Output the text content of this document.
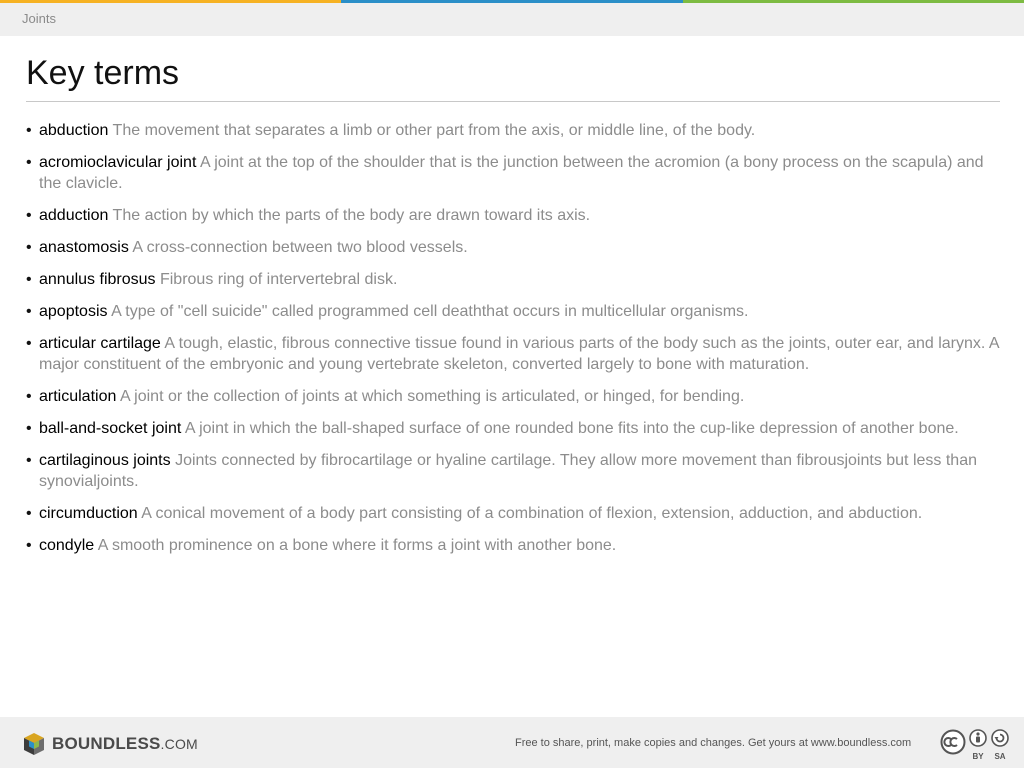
Joints
Key terms
• abduction The movement that separates a limb or other part from the axis, or middle line, of the body.
• acromioclavicular joint A joint at the top of the shoulder that is the junction between the acromion (a bony process on the scapula) and the clavicle.
• adduction The action by which the parts of the body are drawn toward its axis.
• anastomosis A cross-connection between two blood vessels.
• annulus fibrosus Fibrous ring of intervertebral disk.
• apoptosis A type of "cell suicide" called programmed cell deaththat occurs in multicellular organisms.
• articular cartilage A tough, elastic, fibrous connective tissue found in various parts of the body such as the joints, outer ear, and larynx. A major constituent of the embryonic and young vertebrate skeleton, converted largely to bone with maturation.
• articulation A joint or the collection of joints at which something is articulated, or hinged, for bending.
• ball-and-socket joint A joint in which the ball-shaped surface of one rounded bone fits into the cup-like depression of another bone.
• cartilaginous joints Joints connected by fibrocartilage or hyaline cartilage. They allow more movement than fibrousjoints but less than synovialjoints.
• circumduction A conical movement of a body part consisting of a combination of flexion, extension, adduction, and abduction.
• condyle A smooth prominence on a bone where it forms a joint with another bone.
BOUNDLESS.COM	Free to share, print, make copies and changes. Get yours at www.boundless.com
BY SA
